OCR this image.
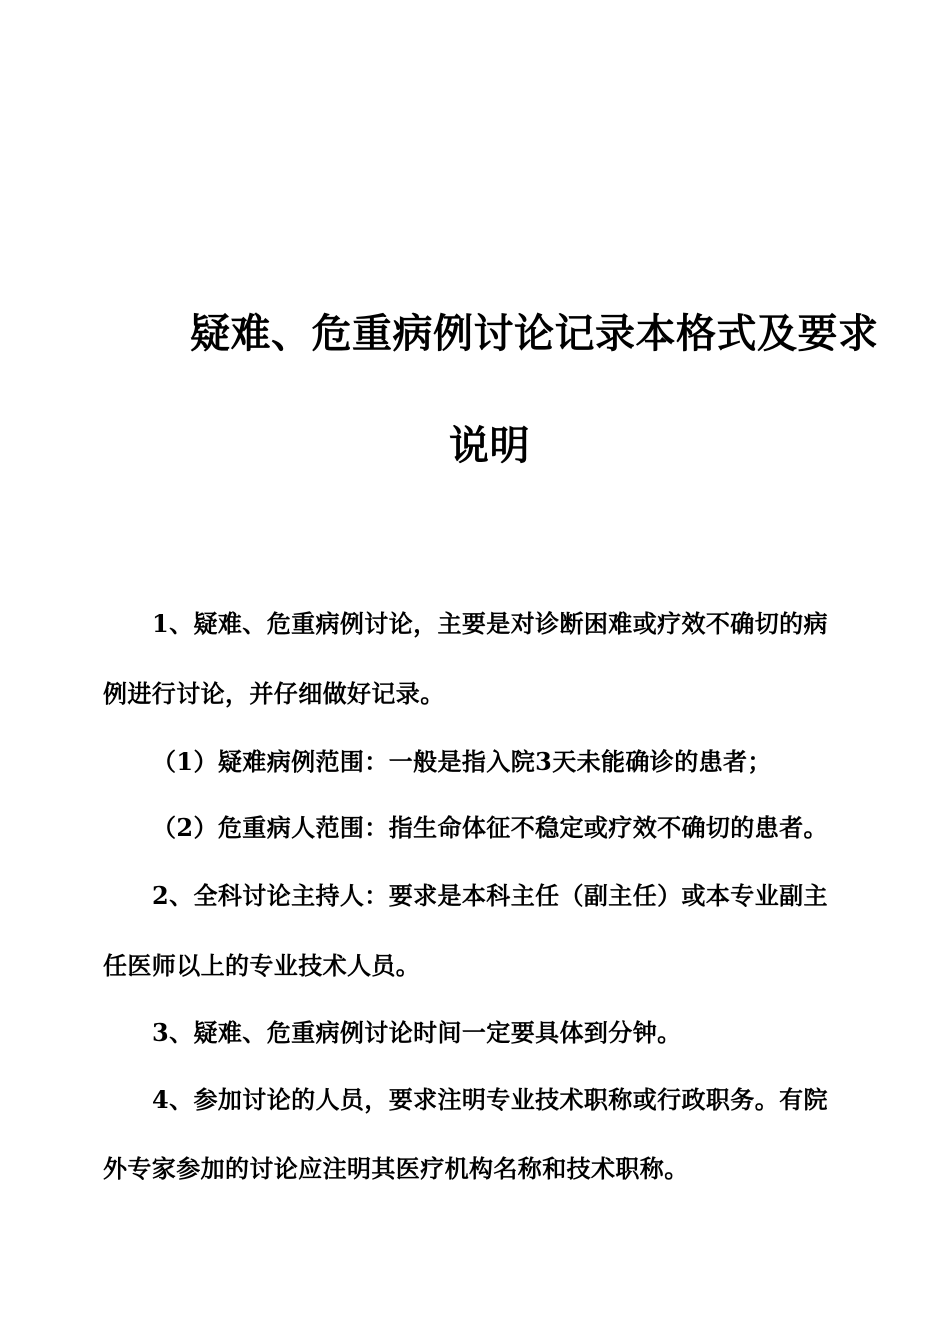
疑难、危重病例讨论记录本格式及要求
说明
1、疑难、危重病例讨论，主要是对诊断困难或疗效不确切的病
例进行讨论，并仔细做好记录。
（1）疑难病例范围：一般是指入院3天未能确诊的患者；
（2）危重病人范围：指生命体征不稳定或疗效不确切的患者。
2、全科讨论主持人：要求是本科主任（副主任）或本专业副主
任医师以上的专业技术人员。
3、疑难、危重病例讨论时间一定要具体到分钟。
4、参加讨论的人员，要求注明专业技术职称或行政职务。有院
外专家参加的讨论应注明其医疗机构名称和技术职称。
